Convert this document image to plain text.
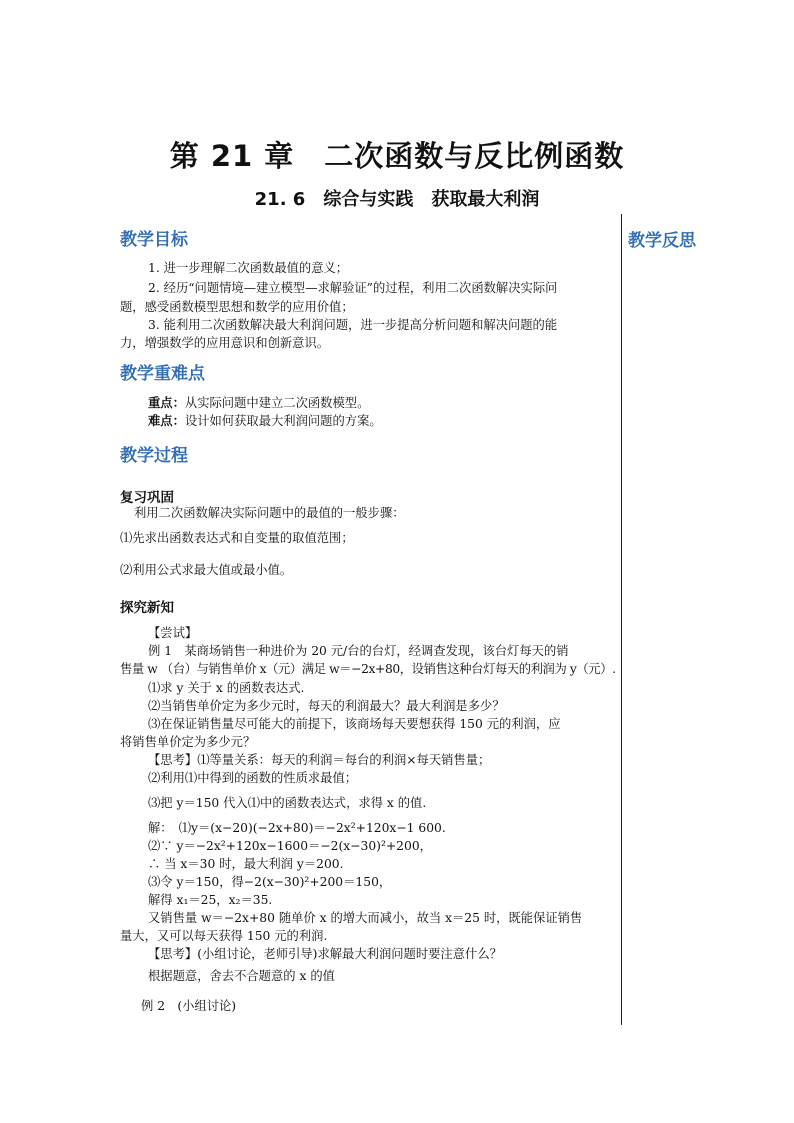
第 21 章　二次函数与反比例函数
21. 6　综合与实践　获取最大利润
教学反思
教学目标
1. 进一步理解二次函数最值的意义；
2. 经历“问题情境—建立模型—求解验证”的过程，利用二次函数解决实际问
题，感受函数模型思想和数学的应用价值；
3. 能利用二次函数解决最大利润问题，进一步提高分析问题和解决问题的能
力，增强数学的应用意识和创新意识。
教学重难点
重点：从实际问题中建立二次函数模型。
难点：设计如何获取最大利润问题的方案。
教学过程
复习巩固
利用二次函数解决实际问题中的最值的一般步骤：
⑴先求出函数表达式和自变量的取值范围；
⑵利用公式求最大值或最小值。
探究新知
【尝试】
例 1　某商场销售一种进价为 20 元/台的台灯，经调查发现，该台灯每天的销
售量 w （台）与销售单价 x（元）满足 w＝−2x+80，设销售这种台灯每天的利润为 y（元）.
⑴求 y 关于 x 的函数表达式.
⑵当销售单价定为多少元时，每天的利润最大？最大利润是多少？
⑶在保证销售量尽可能大的前提下，该商场每天要想获得 150 元的利润，应
将销售单价定为多少元？
【思考】⑴等量关系：每天的利润＝每台的利润×每天销售量；
⑵利用⑴中得到的函数的性质求最值；
⑶把 y＝150 代入⑴中的函数表达式，求得 x 的值.
解：　⑴y＝(x−20)(−2x+80)＝−2x²+120x−1 600.
⑵∵ y＝−2x²+120x−1600＝−2(x−30)²+200，
∴ 当 x＝30 时，最大利润 y＝200.
⑶令 y＝150，得−2(x−30)²+200＝150，
解得 x₁＝25，x₂＝35.
又销售量 w＝−2x+80 随单价 x 的增大而减小，故当 x＝25 时，既能保证销售
量大，又可以每天获得 150 元的利润.
【思考】(小组讨论，老师引导)求解最大利润问题时要注意什么？
根据题意，舍去不合题意的 x 的值
例 2　(小组讨论)
